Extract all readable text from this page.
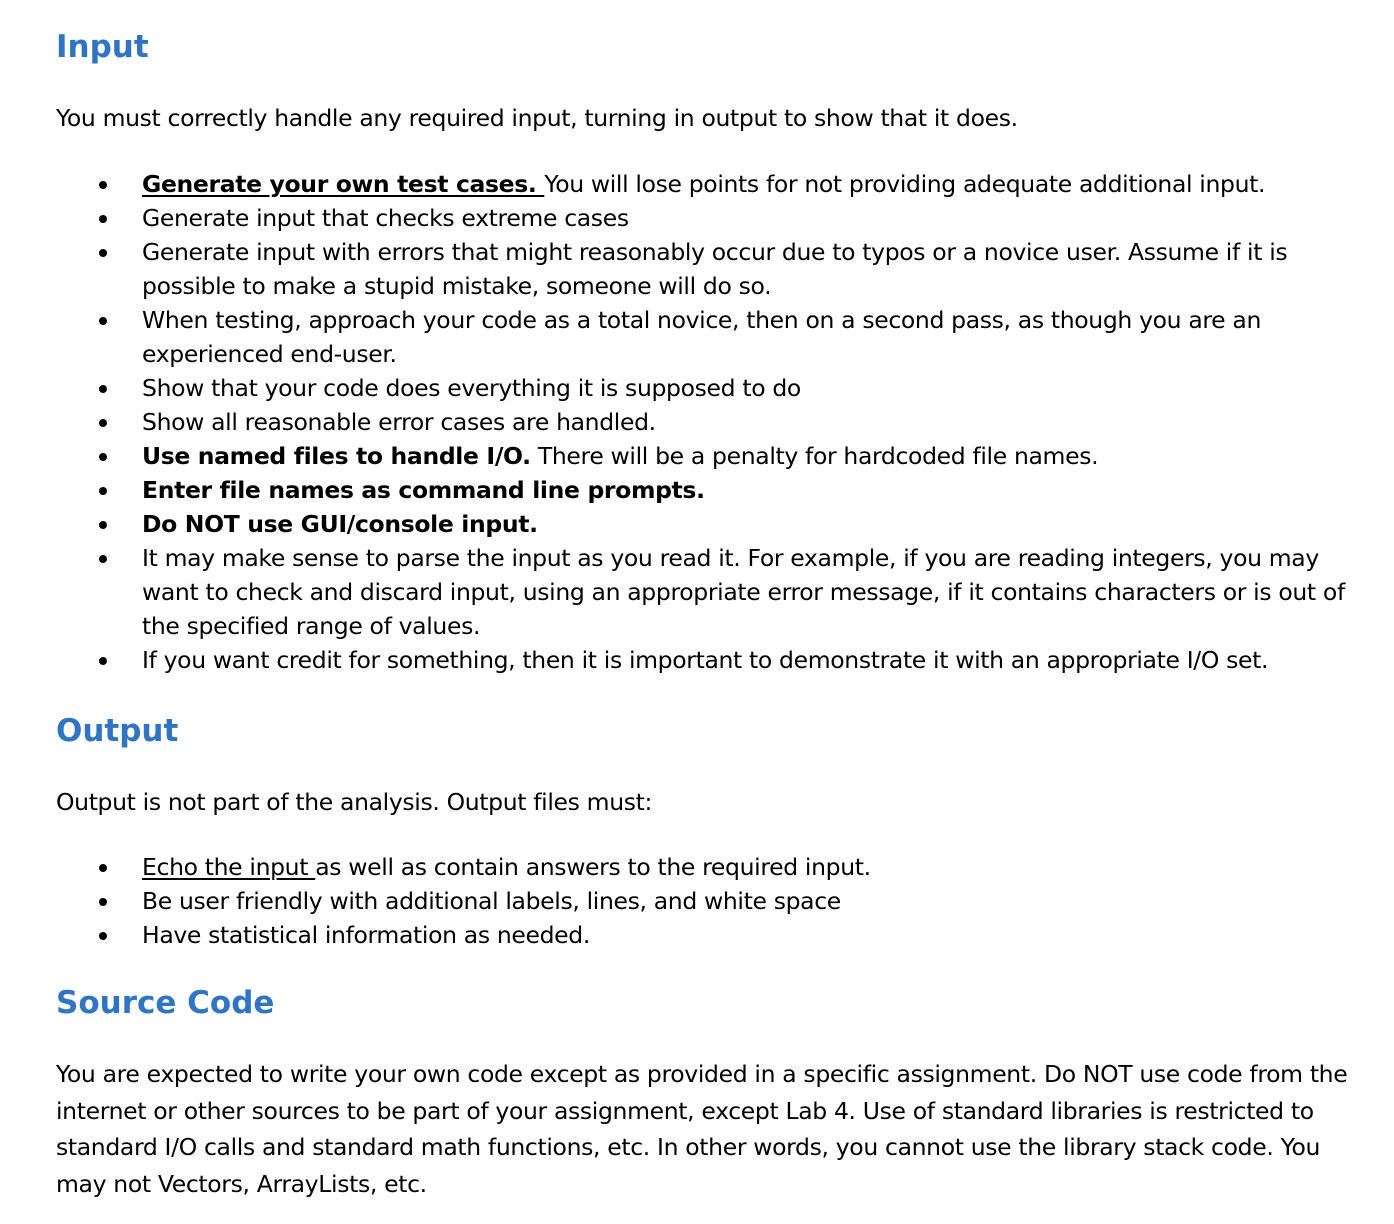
Input

You must correctly handle any required input, turning in output to show that it does.

Generate your own test cases. You will lose points for not providing adequate additional input.
Generate input that checks extreme cases
Generate input with errors that might reasonably occur due to typos or a novice user. Assume if it is possible to make a stupid mistake, someone will do so.
When testing, approach your code as a total novice, then on a second pass, as though you are an experienced end-user.
Show that your code does everything it is supposed to do
Show all reasonable error cases are handled.
Use named files to handle I/O. There will be a penalty for hardcoded file names.
Enter file names as command line prompts.
Do NOT use GUI/console input.
It may make sense to parse the input as you read it. For example, if you are reading integers, you may want to check and discard input, using an appropriate error message, if it contains characters or is out of the specified range of values.
If you want credit for something, then it is important to demonstrate it with an appropriate I/O set.
Output

Output is not part of the analysis. Output files must:

Echo the input as well as contain answers to the required input.
Be user friendly with additional labels, lines, and white space
Have statistical information as needed.
Source Code

You are expected to write your own code except as provided in a specific assignment. Do NOT use code from the internet or other sources to be part of your assignment, except Lab 4. Use of standard libraries is restricted to standard I/O calls and standard math functions, etc. In other words, you cannot use the library stack code. You may not Vectors, ArrayLists, etc.
